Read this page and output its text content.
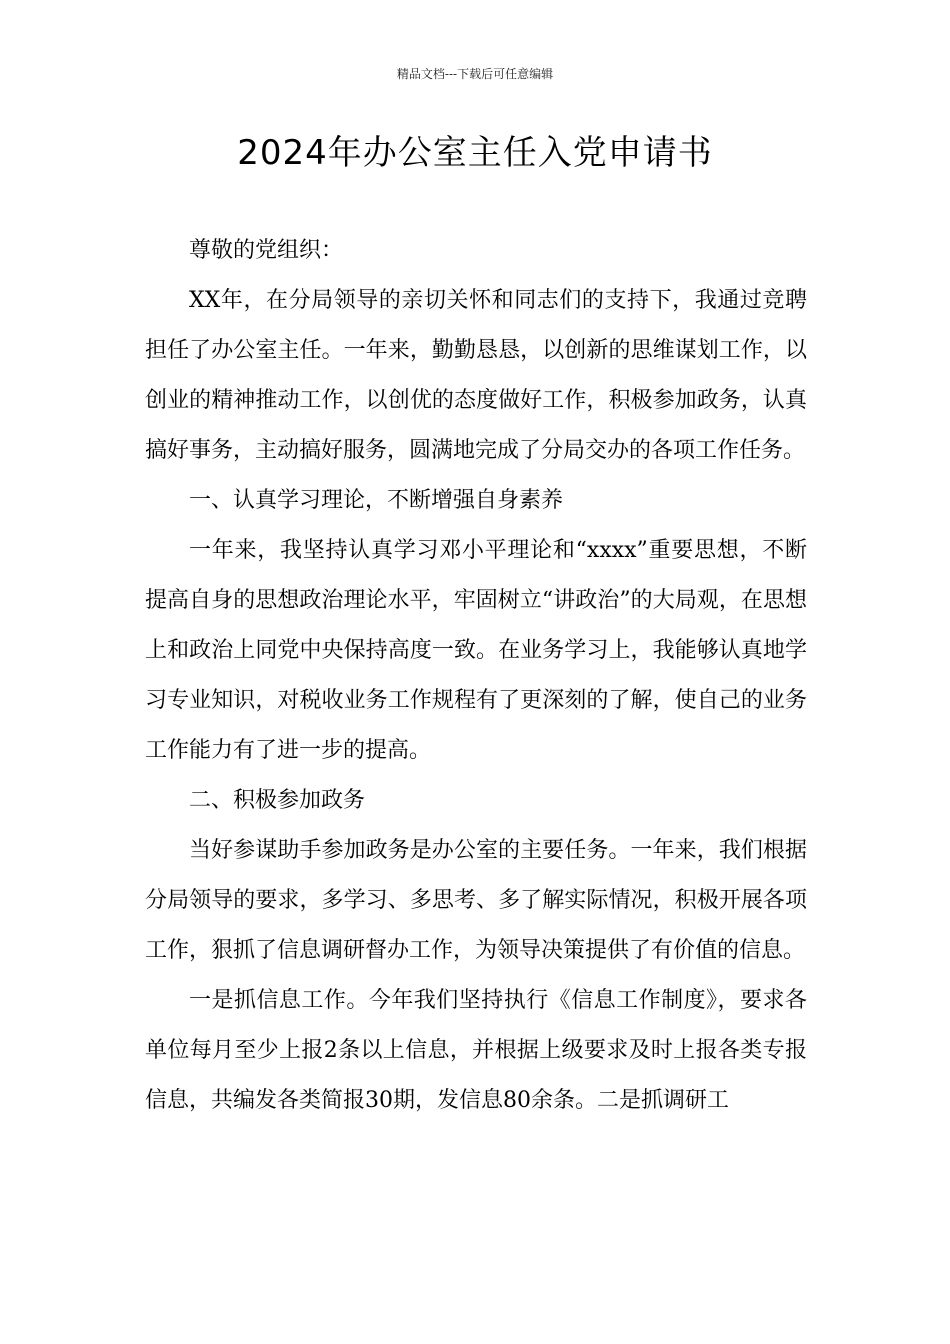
精品文档---下载后可任意编辑
2024年办公室主任入党申请书

尊敬的党组织：

XX年，在分局领导的亲切关怀和同志们的支持下，我通过竞聘担任了办公室主任。一年来，勤勤恳恳，以创新的思维谋划工作，以创业的精神推动工作，以创优的态度做好工作，积极参加政务，认真搞好事务，主动搞好服务，圆满地完成了分局交办的各项工作任务。

一、认真学习理论，不断增强自身素养

一年来，我坚持认真学习邓小平理论和“xxxx”重要思想，不断提高自身的思想政治理论水平，牢固树立“讲政治”的大局观，在思想上和政治上同党中央保持高度一致。在业务学习上，我能够认真地学习专业知识，对税收业务工作规程有了更深刻的了解，使自己的业务工作能力有了进一步的提高。

二、积极参加政务

当好参谋助手参加政务是办公室的主要任务。一年来，我们根据分局领导的要求，多学习、多思考、多了解实际情况，积极开展各项工作，狠抓了信息调研督办工作，为领导决策提供了有价值的信息。

一是抓信息工作。今年我们坚持执行《信息工作制度》，要求各单位每月至少上报2条以上信息，并根据上级要求及时上报各类专报信息，共编发各类简报30期，发信息80余条。二是抓调研工
